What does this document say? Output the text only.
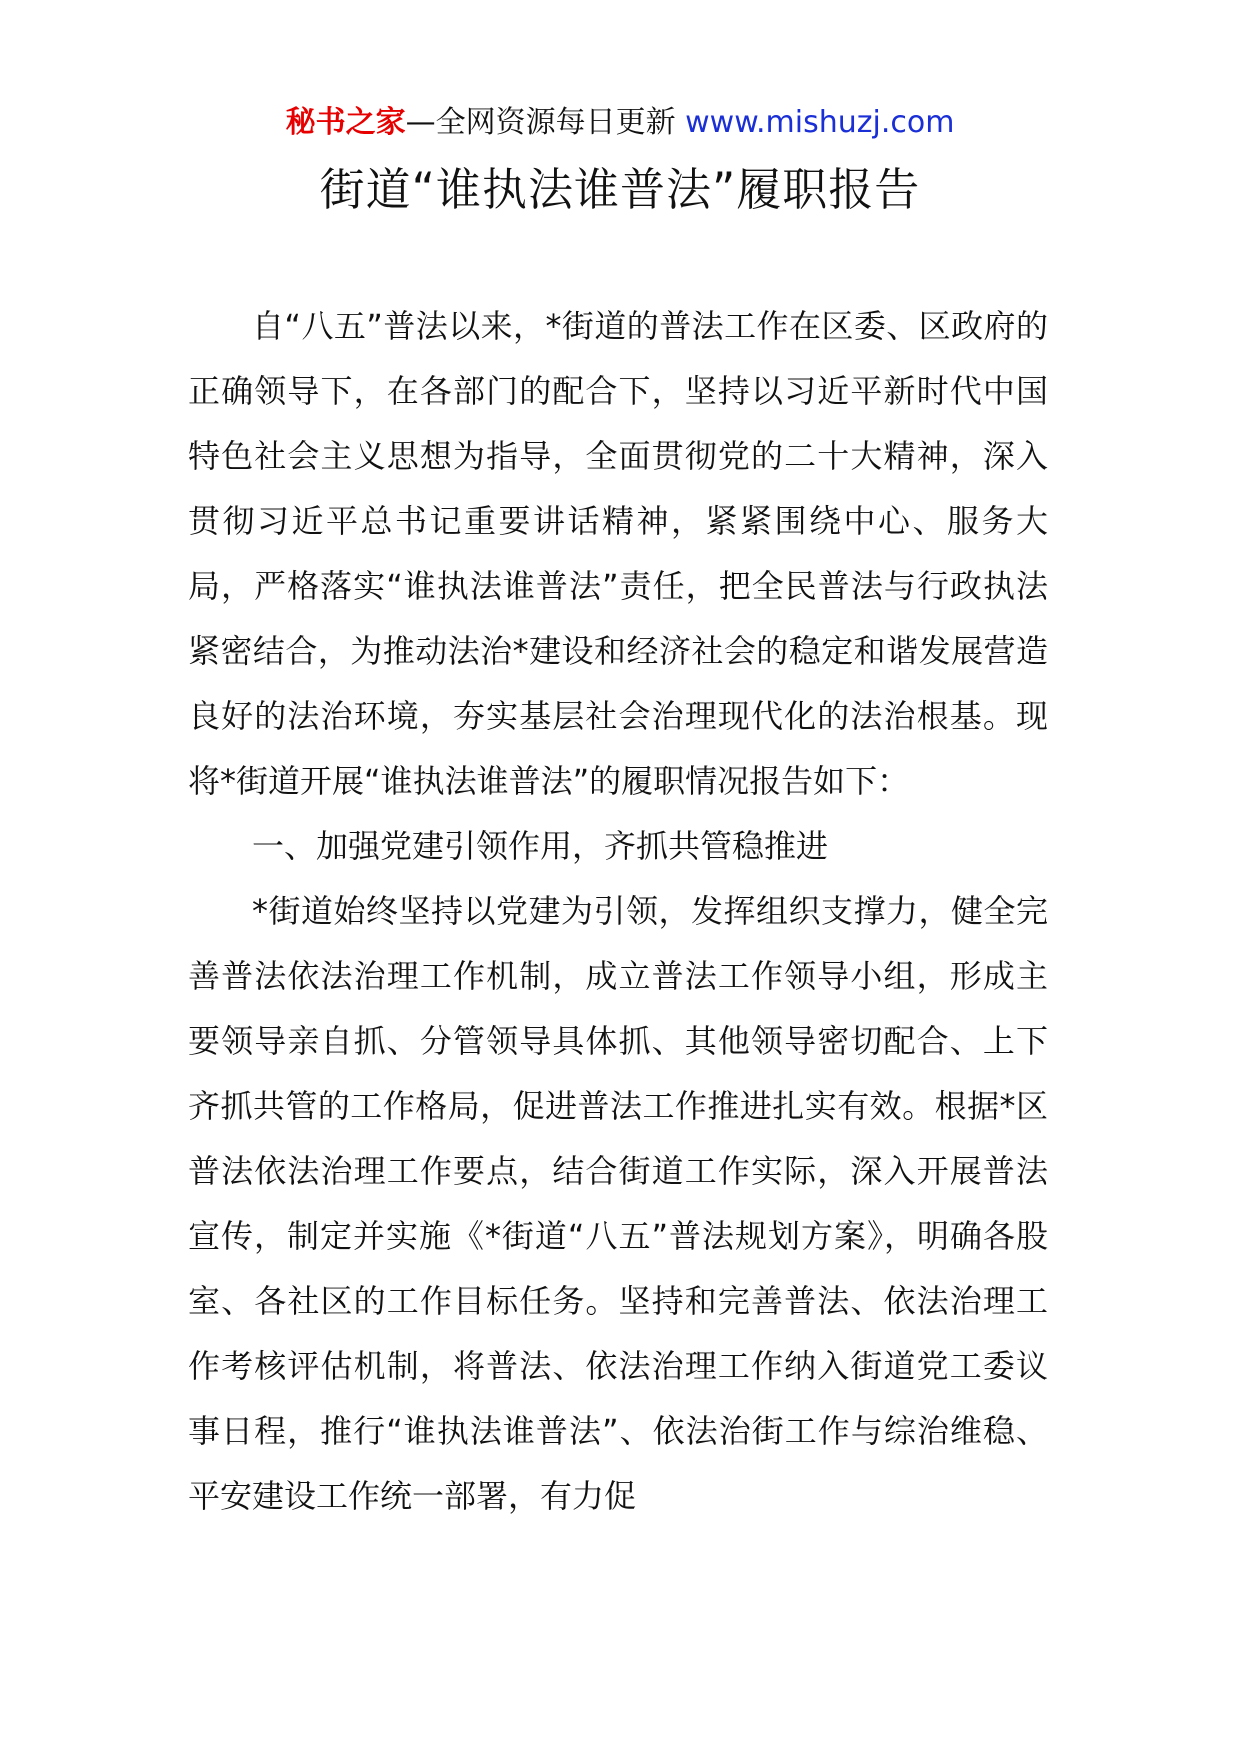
秘书之家—全网资源每日更新 www.mishuzj.com
街道“谁执法谁普法”履职报告

自“八五”普法以来，*街道的普法工作在区委、区政府的正确领导下，在各部门的配合下，坚持以习近平新时代中国特色社会主义思想为指导，全面贯彻党的二十大精神，深入贯彻习近平总书记重要讲话精神，紧紧围绕中心、服务大局，严格落实“谁执法谁普法”责任，把全民普法与行政执法紧密结合，为推动法治*建设和经济社会的稳定和谐发展营造良好的法治环境，夯实基层社会治理现代化的法治根基。现将*街道开展“谁执法谁普法”的履职情况报告如下：

一、加强党建引领作用，齐抓共管稳推进

*街道始终坚持以党建为引领，发挥组织支撑力，健全完善普法依法治理工作机制，成立普法工作领导小组，形成主要领导亲自抓、分管领导具体抓、其他领导密切配合、上下齐抓共管的工作格局，促进普法工作推进扎实有效。根据*区普法依法治理工作要点，结合街道工作实际，深入开展普法宣传，制定并实施《*街道“八五”普法规划方案》，明确各股室、各社区的工作目标任务。坚持和完善普法、依法治理工作考核评估机制，将普法、依法治理工作纳入街道党工委议事日程，推行“谁执法谁普法”、依法治街工作与综治维稳、平安建设工作统一部署，有力促
